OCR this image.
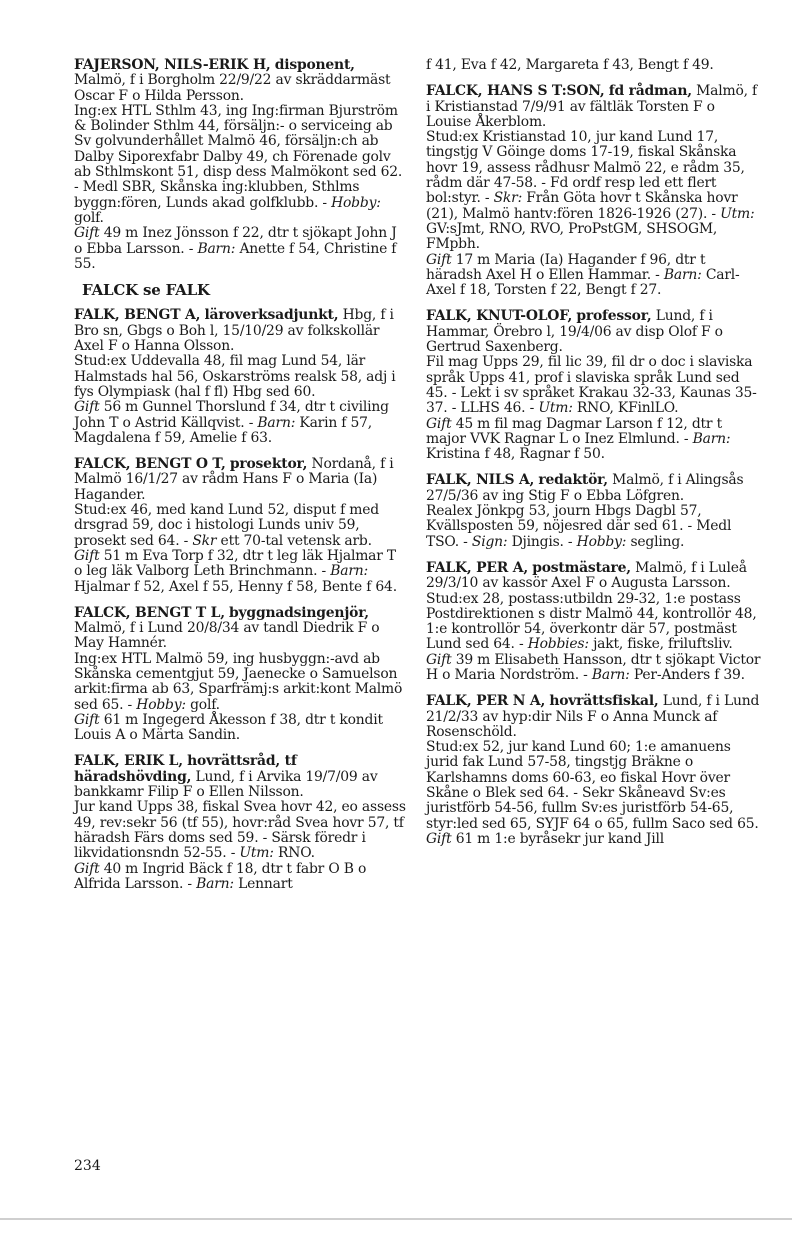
FAJERSON, NILS-ERIK H, disponent, Malmö, f i Borgholm 22/9/22 av skräddarmäst Oscar F o Hilda Persson.

Ing:ex HTL Sthlm 43, ing Ing:firman Bjurström & Bolinder Sthlm 44, försäljn:- o serviceing ab Sv golvunderhållet Malmö 46, försäljn:ch ab Dalby Siporexfabr Dalby 49, ch Förenade golv ab Sthlmskont 51, disp dess Malmökont sed 62. - Medl SBR, Skånska ing:klubben, Sthlms byggn:fören, Lunds akad golfklubb. - Hobby: golf.

Gift 49 m Inez Jönsson f 22, dtr t sjökapt John J o Ebba Larsson. - Barn: Anette f 54, Christine f 55.

FALCK se FALK

FALK, BENGT A, läroverksadjunkt, Hbg, f i Bro sn, Gbgs o Boh l, 15/10/29 av folkskollär Axel F o Hanna Olsson.

Stud:ex Uddevalla 48, fil mag Lund 54, lär Halmstads hal 56, Oskarströms realsk 58, adj i fys Olympiask (hal f fl) Hbg sed 60.

Gift 56 m Gunnel Thorslund f 34, dtr t civiling John T o Astrid Källqvist. - Barn: Karin f 57, Magdalena f 59, Amelie f 63.

FALCK, BENGT O T, prosektor, Nordanå, f i Malmö 16/1/27 av rådm Hans F o Maria (Ia) Hagander.

Stud:ex 46, med kand Lund 52, disput f med drsgrad 59, doc i histologi Lunds univ 59, prosekt sed 64. - Skr ett 70-tal vetensk arb.

Gift 51 m Eva Torp f 32, dtr t leg läk Hjalmar T o leg läk Valborg Leth Brinchmann. - Barn: Hjalmar f 52, Axel f 55, Henny f 58, Bente f 64.

FALCK, BENGT T L, byggnadsingenjör, Malmö, f i Lund 20/8/34 av tandl Diedrik F o May Hamnér.

Ing:ex HTL Malmö 59, ing husbyggn:-avd ab Skånska cementgjut 59, Jaenecke o Samuelson arkit:firma ab 63, Sparfrämj:s arkit:kont Malmö sed 65. - Hobby: golf.

Gift 61 m Ingegerd Åkesson f 38, dtr t kondit Louis A o Märta Sandin.

FALK, ERIK L, hovrättsråd, tf häradshövding, Lund, f i Arvika 19/7/09 av bankkamr Filip F o Ellen Nilsson.

Jur kand Upps 38, fiskal Svea hovr 42, eo assess 49, rev:sekr 56 (tf 55), hovr:råd Svea hovr 57, tf häradsh Färs doms sed 59. - Särsk föredr i likvidationsndn 52-55. - Utm: RNO.

Gift 40 m Ingrid Bäck f 18, dtr t fabr O B o Alfrida Larsson. - Barn: Lennart

f 41, Eva f 42, Margareta f 43, Bengt f 49.

FALCK, HANS S T:SON, fd rådman, Malmö, f i Kristianstad 7/9/91 av fältläk Torsten F o Louise Åkerblom.

Stud:ex Kristianstad 10, jur kand Lund 17, tingstjg V Göinge doms 17-19, fiskal Skånska hovr 19, assess rådhusr Malmö 22, e rådm 35, rådm där 47-58. - Fd ordf resp led ett flert bol:styr. - Skr: Från Göta hovr t Skånska hovr (21), Malmö hantv:fören 1826-1926 (27). - Utm: GV:sJmt, RNO, RVO, ProPstGM, SHSOGM, FMpbh.

Gift 17 m Maria (Ia) Hagander f 96, dtr t häradsh Axel H o Ellen Hammar. - Barn: Carl-Axel f 18, Torsten f 22, Bengt f 27.

FALK, KNUT-OLOF, professor, Lund, f i Hammar, Örebro l, 19/4/06 av disp Olof F o Gertrud Saxenberg.

Fil mag Upps 29, fil lic 39, fil dr o doc i slaviska språk Upps 41, prof i slaviska språk Lund sed 45. - Lekt i sv språket Krakau 32-33, Kaunas 35-37. - LLHS 46. - Utm: RNO, KFinlLO.

Gift 45 m fil mag Dagmar Larson f 12, dtr t major VVK Ragnar L o Inez Elmlund. - Barn: Kristina f 48, Ragnar f 50.

FALK, NILS A, redaktör, Malmö, f i Alingsås 27/5/36 av ing Stig F o Ebba Löfgren.

Realex Jönkpg 53, journ Hbgs Dagbl 57, Kvällsposten 59, nöjesred där sed 61. - Medl TSO. - Sign: Djingis. - Hobby: segling.

FALK, PER A, postmästare, Malmö, f i Luleå 29/3/10 av kassör Axel F o Augusta Larsson.

Stud:ex 28, postass:utbildn 29-32, 1:e postass Postdirektionen s distr Malmö 44, kontrollör 48, 1:e kontrollör 54, överkontr där 57, postmäst Lund sed 64. - Hobbies: jakt, fiske, friluftsliv.

Gift 39 m Elisabeth Hansson, dtr t sjökapt Victor H o Maria Nordström. - Barn: Per-Anders f 39.

FALK, PER N A, hovrättsfiskal, Lund, f i Lund 21/2/33 av hyp:dir Nils F o Anna Munck af Rosenschöld.

Stud:ex 52, jur kand Lund 60; 1:e amanuens jurid fak Lund 57-58, tingstjg Bräkne o Karlshamns doms 60-63, eo fiskal Hovr över Skåne o Blek sed 64. - Sekr Skåneavd Sv:es juristförb 54-56, fullm Sv:es juristförb 54-65, styr:led sed 65, SYJF 64 o 65, fullm Saco sed 65.

Gift 61 m 1:e byråsekr jur kand Jill

234
